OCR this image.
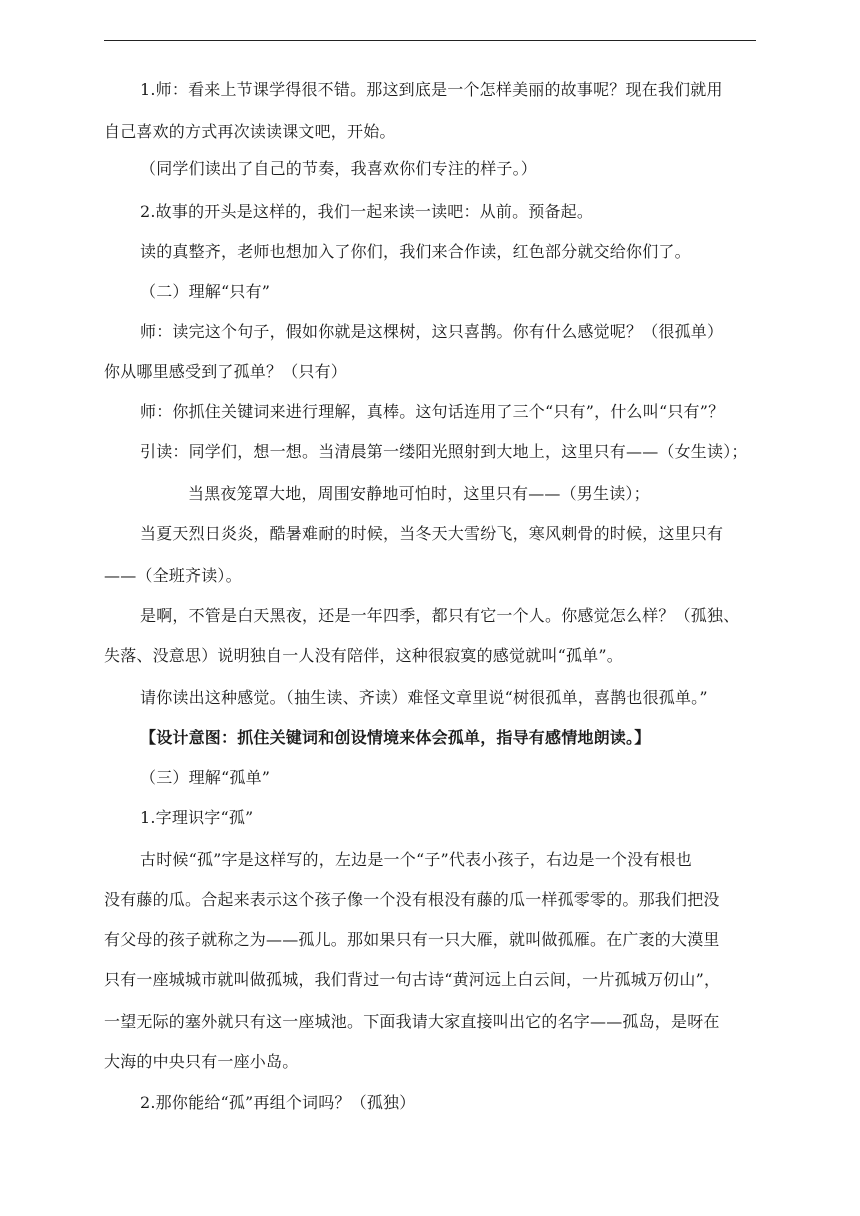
1.师：看来上节课学得很不错。那这到底是一个怎样美丽的故事呢？现在我们就用
自己喜欢的方式再次读读课文吧，开始。
（同学们读出了自己的节奏，我喜欢你们专注的样子。）
2.故事的开头是这样的，我们一起来读一读吧：从前。预备起。
读的真整齐，老师也想加入了你们，我们来合作读，红色部分就交给你们了。
（二）理解“只有”
师：读完这个句子，假如你就是这棵树，这只喜鹊。你有什么感觉呢？（很孤单）
你从哪里感受到了孤单？（只有）
师：你抓住关键词来进行理解，真棒。这句话连用了三个“只有”，什么叫“只有”？
引读：同学们，想一想。当清晨第一缕阳光照射到大地上，这里只有——（女生读）；
当黑夜笼罩大地，周围安静地可怕时，这里只有——（男生读）；
当夏天烈日炎炎，酷暑难耐的时候，当冬天大雪纷飞，寒风刺骨的时候，这里只有
——（全班齐读）。
是啊，不管是白天黑夜，还是一年四季，都只有它一个人。你感觉怎么样？（孤独、
失落、没意思）说明独自一人没有陪伴，这种很寂寞的感觉就叫“孤单”。
请你读出这种感觉。（抽生读、齐读）难怪文章里说“树很孤单，喜鹊也很孤单。”
【设计意图：抓住关键词和创设情境来体会孤单，指导有感情地朗读。】
（三）理解“孤单”
1.字理识字“孤”
古时候“孤”字是这样写的，左边是一个“子”代表小孩子，右边是一个没有根也
没有藤的瓜。合起来表示这个孩子像一个没有根没有藤的瓜一样孤零零的。那我们把没
有父母的孩子就称之为——孤儿。那如果只有一只大雁，就叫做孤雁。在广袤的大漠里
只有一座城城市就叫做孤城，我们背过一句古诗“黄河远上白云间，一片孤城万仞山”，
一望无际的塞外就只有这一座城池。下面我请大家直接叫出它的名字——孤岛，是呀在
大海的中央只有一座小岛。
2.那你能给“孤”再组个词吗？（孤独）
